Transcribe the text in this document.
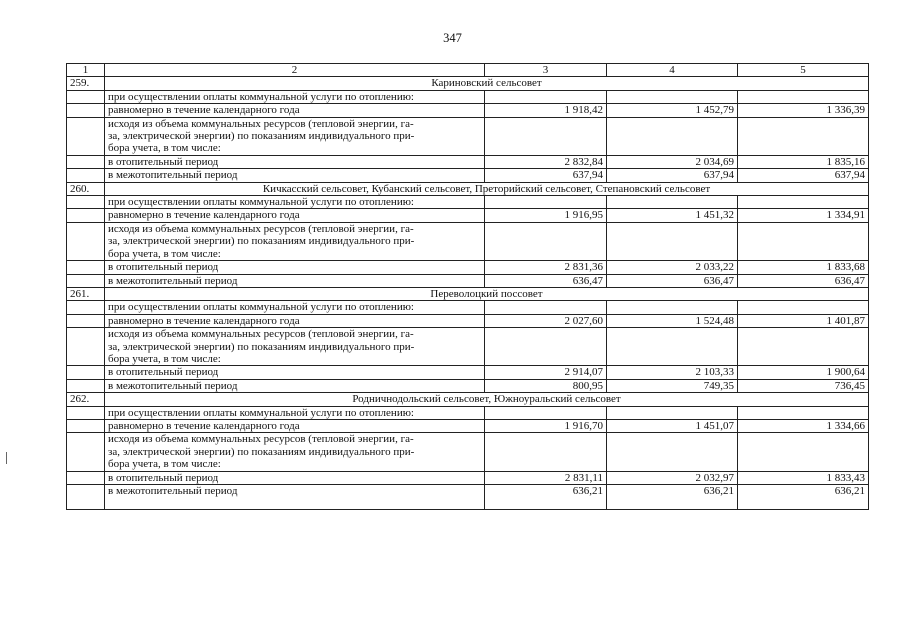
347
1	2	3	4	5
259.	Кариновский сельсовет			
	при осуществлении оплаты коммунальной услуги по отоплению:			
	равномерно в течение календарного года	1 918,42	1 452,79	1 336,39
	исходя из объема коммунальных ресурсов (тепловой энергии, га-
за, электрической энергии) по показаниям индивидуального при-
бора учета, в том числе:			
	в отопительный период	2 832,84	2 034,69	1 835,16
	в межотопительный период	637,94	637,94	637,94
260.	Кичкасский сельсовет, Кубанский сельсовет, Преторийский сельсовет, Степановский сельсовет			
	при осуществлении оплаты коммунальной услуги по отоплению:			
	равномерно в течение календарного года	1 916,95	1 451,32	1 334,91
	исходя из объема коммунальных ресурсов (тепловой энергии, га-
за, электрической энергии) по показаниям индивидуального при-
бора учета, в том числе:			
	в отопительный период	2 831,36	2 033,22	1 833,68
	в межотопительный период	636,47	636,47	636,47
261.	Переволоцкий поссовет			
	при осуществлении оплаты коммунальной услуги по отоплению:			
	равномерно в течение календарного года	2 027,60	1 524,48	1 401,87
	исходя из объема коммунальных ресурсов (тепловой энергии, га-
за, электрической энергии) по показаниям индивидуального при-
бора учета, в том числе:			
	в отопительный период	2 914,07	2 103,33	1 900,64
	в межотопительный период	800,95	749,35	736,45
262.	Родничнодольский сельсовет, Южноуральский сельсовет			
	при осуществлении оплаты коммунальной услуги по отоплению:			
	равномерно в течение календарного года	1 916,70	1 451,07	1 334,66
	исходя из объема коммунальных ресурсов (тепловой энергии, га-
за, электрической энергии) по показаниям индивидуального при-
бора учета, в том числе:			
	в отопительный период	2 831,11	2 032,97	1 833,43
	в межотопительный период	636,21	636,21	636,21
